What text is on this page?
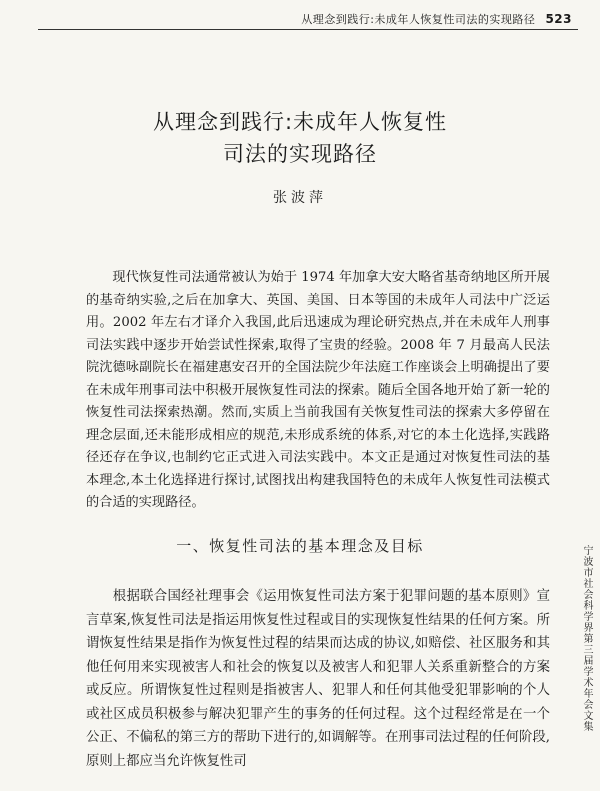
从理念到践行:未成年人恢复性司法的实现路径 523
从理念到践行:未成年人恢复性
司法的实现路径
张波萍

现代恢复性司法通常被认为始于 1974 年加拿大安大略省基奇纳地区所开展的基奇纳实验,之后在加拿大、英国、美国、日本等国的未成年人司法中广泛运用。2002 年左右才译介入我国,此后迅速成为理论研究热点,并在未成年人刑事司法实践中逐步开始尝试性探索,取得了宝贵的经验。2008 年 7 月最高人民法院沈德咏副院长在福建惠安召开的全国法院少年法庭工作座谈会上明确提出了要在未成年刑事司法中积极开展恢复性司法的探索。随后全国各地开始了新一轮的恢复性司法探索热潮。然而,实质上当前我国有关恢复性司法的探索大多停留在理念层面,还未能形成相应的规范,未形成系统的体系,对它的本土化选择,实践路径还存在争议,也制约它正式进入司法实践中。本文正是通过对恢复性司法的基本理念,本土化选择进行探讨,试图找出构建我国特色的未成年人恢复性司法模式的合适的实现路径。

一、恢复性司法的基本理念及目标

根据联合国经社理事会《运用恢复性司法方案于犯罪问题的基本原则》宣言草案,恢复性司法是指运用恢复性过程或目的实现恢复性结果的任何方案。所谓恢复性结果是指作为恢复性过程的结果而达成的协议,如赔偿、社区服务和其他任何用来实现被害人和社会的恢复以及被害人和犯罪人关系重新整合的方案或反应。所谓恢复性过程则是指被害人、犯罪人和任何其他受犯罪影响的个人或社区成员积极参与解决犯罪产生的事务的任何过程。这个过程经常是在一个公正、不偏私的第三方的帮助下进行的,如调解等。在刑事司法过程的任何阶段,原则上都应当允许恢复性司

宁波市社会科学界第三届学术年会文集
